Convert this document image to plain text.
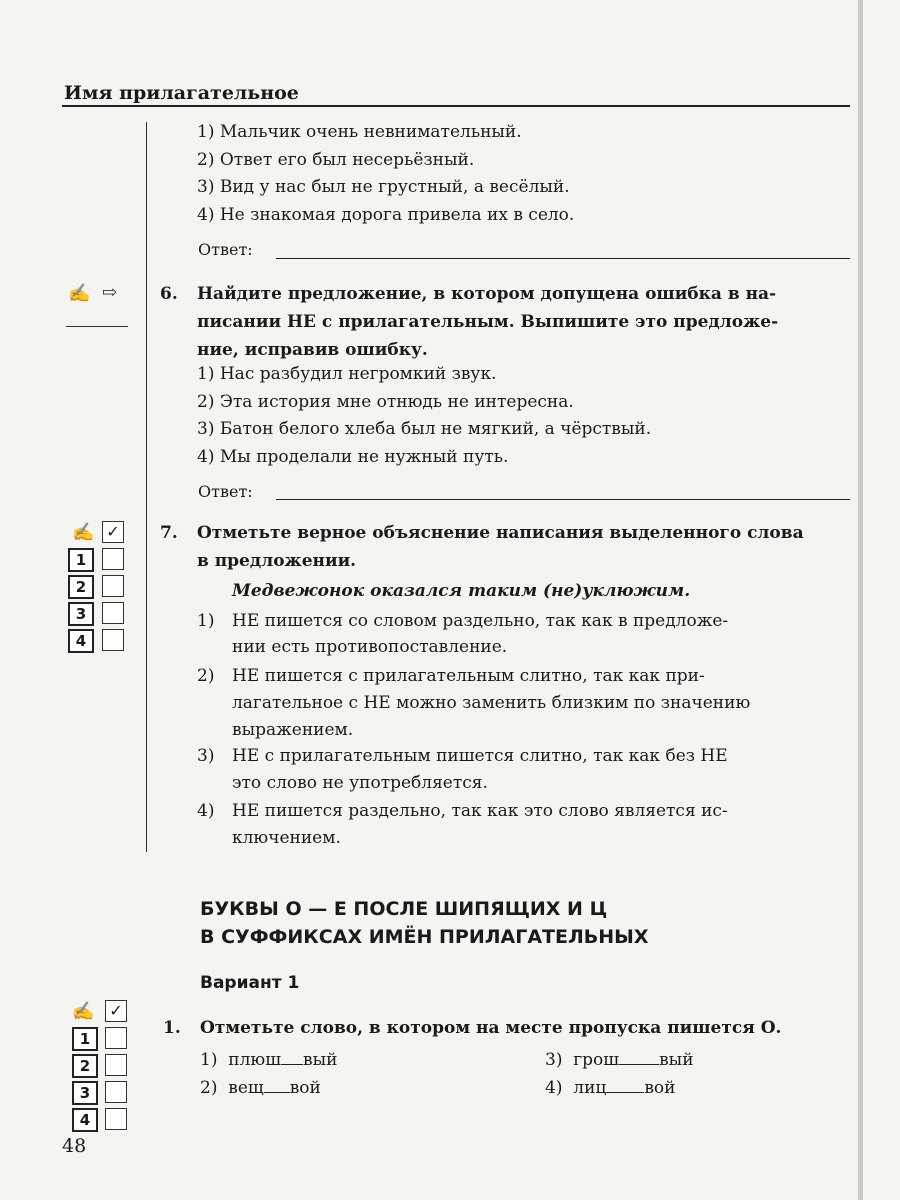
Имя прилагательное
1) Мальчик очень невнимательный.
2) Ответ его был несерьёзный.
3) Вид у нас был не грустный, а весёлый.
4) Не знакомая дорога привела их в село.
Ответ:
✍ ⇨	6. Найдите предложение, в котором допущена ошибка в на-
писании НЕ с прилагательным. Выпишите это предложе-
ние, исправив ошибку.
1) Нас разбудил негромкий звук.
2) Эта история мне отнюдь не интересна.
3) Батон белого хлеба был не мягкий, а чёрствый.
4) Мы проделали не нужный путь.
Ответ:
✍ ✓
1
2
3
4
7. Отметьте верное объяснение написания выделенного слова
в предложении.
Медвежонок оказался таким (не)уклюжим.
1) НЕ пишется со словом раздельно, так как в предложе-
нии есть противопоставление.
2) НЕ пишется с прилагательным слитно, так как при-
лагательное с НЕ можно заменить близким по значению
выражением.
3) НЕ с прилагательным пишется слитно, так как без НЕ
это слово не употребляется.
4) НЕ пишется раздельно, так как это слово является ис-
ключением.
БУКВЫ О — Е ПОСЛЕ ШИПЯЩИХ И Ц
В СУФФИКСАХ ИМЁН ПРИЛАГАТЕЛЬНЫХ
Вариант 1
✍ ✓
1
2
3
4
1. Отметьте слово, в котором на месте пропуска пишется О.
1) плюш вый
2) вещ вой
3) грош вый
4) лиц вой
48
